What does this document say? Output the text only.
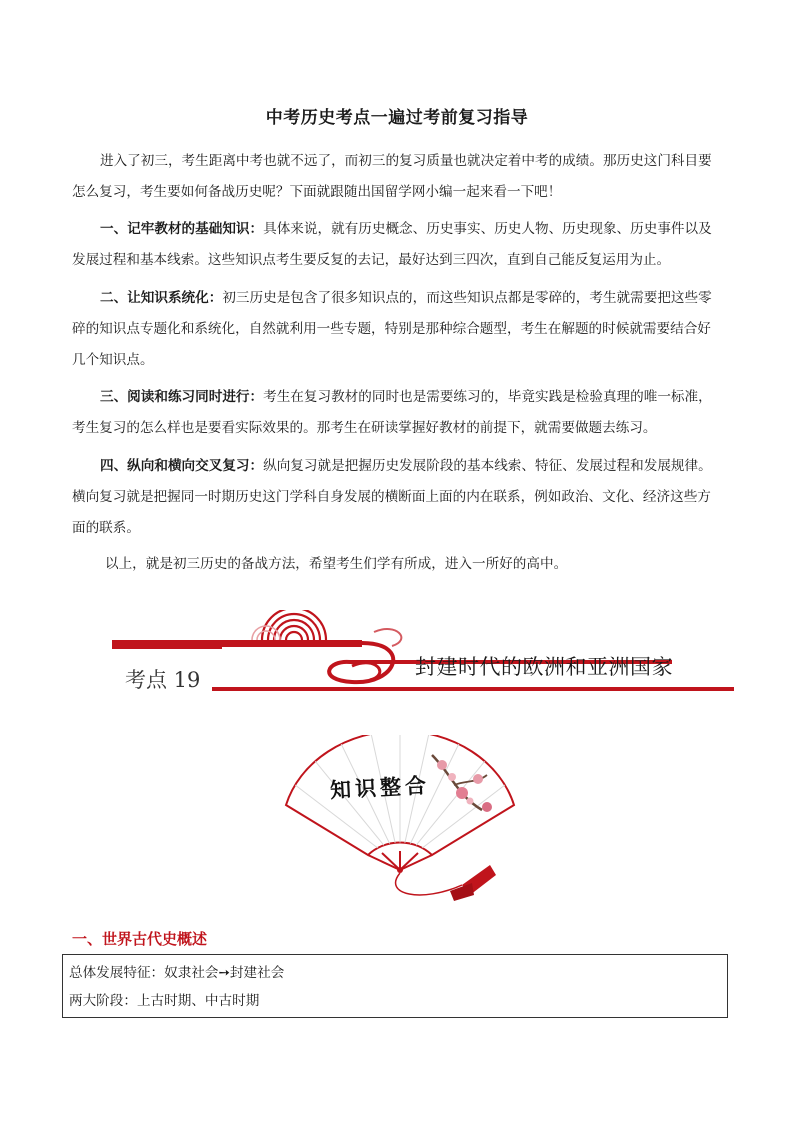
中考历史考点一遍过考前复习指导

进入了初三，考生距离中考也就不远了，而初三的复习质量也就决定着中考的成绩。那历史这门科目要怎么复习，考生要如何备战历史呢？下面就跟随出国留学网小编一起来看一下吧！

一、记牢教材的基础知识：具体来说，就有历史概念、历史事实、历史人物、历史现象、历史事件以及发展过程和基本线索。这些知识点考生要反复的去记，最好达到三四次，直到自己能反复运用为止。

二、让知识系统化：初三历史是包含了很多知识点的，而这些知识点都是零碎的，考生就需要把这些零碎的知识点专题化和系统化，自然就利用一些专题，特别是那种综合题型，考生在解题的时候就需要结合好几个知识点。

三、阅读和练习同时进行：考生在复习教材的同时也是需要练习的，毕竟实践是检验真理的唯一标准，考生复习的怎么样也是要看实际效果的。那考生在研读掌握好教材的前提下，就需要做题去练习。

四、纵向和横向交叉复习：纵向复习就是把握历史发展阶段的基本线索、特征、发展过程和发展规律。横向复习就是把握同一时期历史这门学科自身发展的横断面上面的内在联系，例如政治、文化、经济这些方面的联系。

以上，就是初三历史的备战方法，希望考生们学有所成，进入一所好的高中。

考点 19
封建时代的欧洲和亚洲国家
知识整合
一、世界古代史概述
总体发展特征：奴隶社会➙封建社会
两大阶段：上古时期、中古时期
